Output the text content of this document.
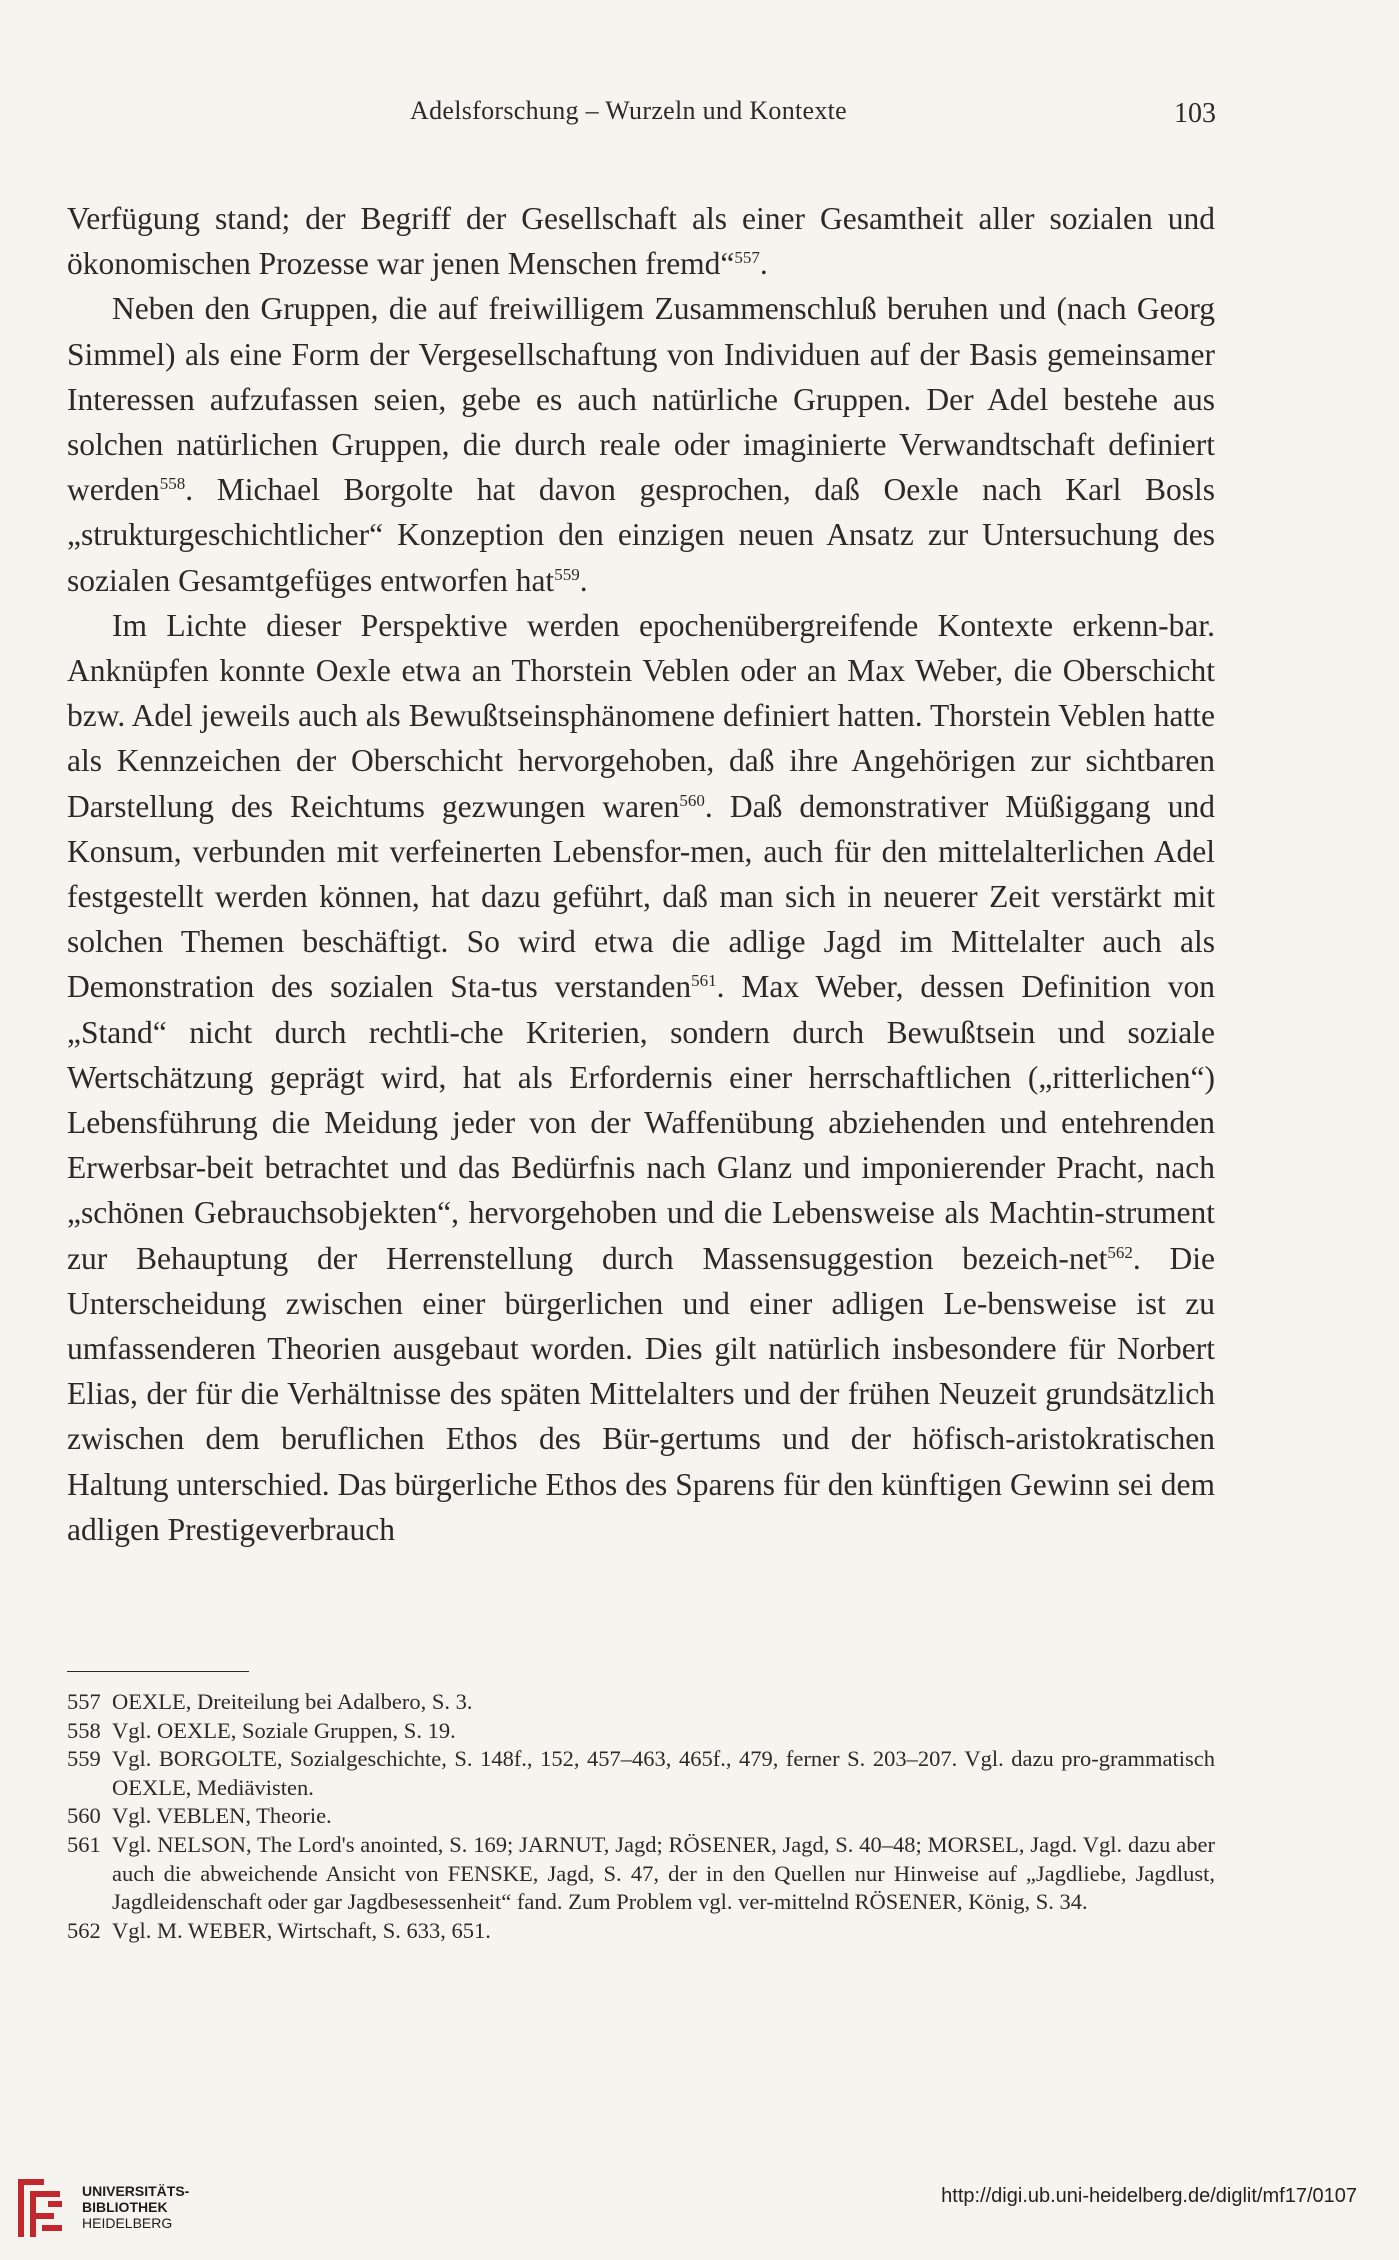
Adelsforschung – Wurzeln und Kontexte	103

Verfügung stand; der Begriff der Gesellschaft als einer Gesamtheit aller sozialen und ökonomischen Prozesse war jenen Menschen fremd“$^{557}$.

Neben den Gruppen, die auf freiwilligem Zusammenschluß beruhen und (nach Georg Simmel) als eine Form der Vergesellschaftung von Individuen auf der Basis gemeinsamer Interessen aufzufassen seien, gebe es auch natürliche Gruppen. Der Adel bestehe aus solchen natürlichen Gruppen, die durch reale oder imaginierte Verwandtschaft definiert werden$^{558}$. Michael Borgolte hat davon gesprochen, daß Oexle nach Karl Bosls „strukturgeschichtlicher“ Konzeption den einzigen neuen Ansatz zur Untersuchung des sozialen Gesamtgefüges entworfen hat$^{559}$.

Im Lichte dieser Perspektive werden epochenübergreifende Kontexte erkenn-bar. Anknüpfen konnte Oexle etwa an Thorstein Veblen oder an Max Weber, die Oberschicht bzw. Adel jeweils auch als Bewußtseinsphänomene definiert hatten. Thorstein Veblen hatte als Kennzeichen der Oberschicht hervorgehoben, daß ihre Angehörigen zur sichtbaren Darstellung des Reichtums gezwungen waren$^{560}$. Daß demonstrativer Müßiggang und Konsum, verbunden mit verfeinerten Lebensfor-men, auch für den mittelalterlichen Adel festgestellt werden können, hat dazu geführt, daß man sich in neuerer Zeit verstärkt mit solchen Themen beschäftigt. So wird etwa die adlige Jagd im Mittelalter auch als Demonstration des sozialen Sta-tus verstanden$^{561}$. Max Weber, dessen Definition von „Stand“ nicht durch rechtli-che Kriterien, sondern durch Bewußtsein und soziale Wertschätzung geprägt wird, hat als Erfordernis einer herrschaftlichen („ritterlichen“) Lebensführung die Meidung jeder von der Waffenübung abziehenden und entehrenden Erwerbsar-beit betrachtet und das Bedürfnis nach Glanz und imponierender Pracht, nach „schönen Gebrauchsobjekten“, hervorgehoben und die Lebensweise als Machtin-strument zur Behauptung der Herrenstellung durch Massensuggestion bezeich-net$^{562}$. Die Unterscheidung zwischen einer bürgerlichen und einer adligen Le-bensweise ist zu umfassenderen Theorien ausgebaut worden. Dies gilt natürlich insbesondere für Norbert Elias, der für die Verhältnisse des späten Mittelalters und der frühen Neuzeit grundsätzlich zwischen dem beruflichen Ethos des Bür-gertums und der höfisch-aristokratischen Haltung unterschied. Das bürgerliche Ethos des Sparens für den künftigen Gewinn sei dem adligen Prestigeverbrauch

557 OEXLE, Dreiteilung bei Adalbero, S. 3.
558 Vgl. OEXLE, Soziale Gruppen, S. 19.
559 Vgl. BORGOLTE, Sozialgeschichte, S. 148f., 152, 457–463, 465f., 479, ferner S. 203–207. Vgl. dazu pro-grammatisch OEXLE, Mediävisten.
560 Vgl. VEBLEN, Theorie.
561 Vgl. NELSON, The Lord's anointed, S. 169; JARNUT, Jagd; RÖSENER, Jagd, S. 40–48; MORSEL, Jagd. Vgl. dazu aber auch die abweichende Ansicht von FENSKE, Jagd, S. 47, der in den Quellen nur Hinweise auf „Jagdliebe, Jagdlust, Jagdleidenschaft oder gar Jagdbesessenheit“ fand. Zum Problem vgl. ver-mittelnd RÖSENER, König, S. 34.
562 Vgl. M. WEBER, Wirtschaft, S. 633, 651.
UNIVERSITÄTS-
BIBLIOTHEK
HEIDELBERG
http://digi.ub.uni-heidelberg.de/diglit/mf17/0107
